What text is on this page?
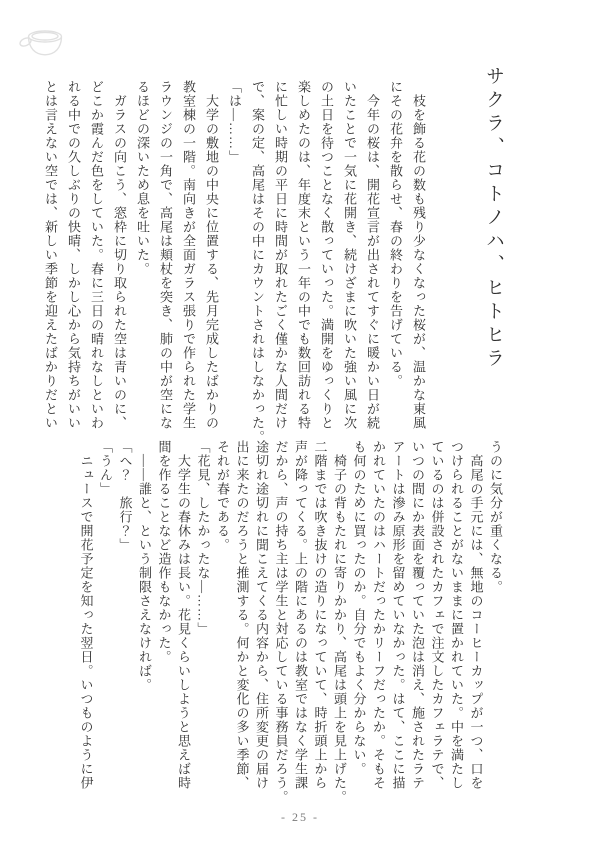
サクラ、コトノハ、ヒトヒラ

　枝を飾る花の数も残り少なくなった桜が、温かな東風

にその花弁を散らせ、春の終わりを告げている。

　今年の桜は、開花宣言が出されてすぐに暖かい日が続

いたことで一気に花開き、続けざまに吹いた強い風に次

の土日を待つことなく散っていった。満開をゆっくりと

楽しめたのは、年度末という一年の中でも数回訪れる特

に忙しい時期の平日に時間が取れたごく僅かな人間だけ

で、案の定、高尾はその中にカウントされはしなかった。

「は―……」

　大学の敷地の中央に位置する、先月完成したばかりの

教室棟の一階。南向きが全面ガラス張りで作られた学生

ラウンジの一角で、高尾は頬杖を突き、肺の中が空にな

るほどの深いため息を吐いた。

　ガラスの向こう、窓枠に切り取られた空は青いのに、

どこか霞んだ色をしていた。春に三日の晴れなしといわ

れる中での久しぶりの快晴、しかし心から気持ちがいい

とは言えない空では、新しい季節を迎えたばかりだとい

うのに気分が重くなる。

　高尾の手元には、無地のコーヒーカップが一つ、口を

つけられることがないままに置かれていた。中を満たし

ているのは併設されたカフェで注文したカフェラテで、

いつの間にか表面を覆っていた泡は消え、施されたラテ

アートは滲み原形を留めていなかった。はて、ここに描

かれていたのはハートだったかリーフだったか。そもそ

も何のために買ったのか。自分でもよく分からない。

　椅子の背もたれに寄りかかり、高尾は頭上を見上げた。

二階までは吹き抜けの造りになっていて、時折頭上から

声が降ってくる。上の階にあるのは教室ではなく学生課

だから、声の持ち主は学生と対応している事務員だろう。

途切れ途切れに聞こえてくる内容から、住所変更の届け

出に来たのだろうと推測する。何かと変化の多い季節、

それが春である。

「花見、したかったな―……」

　大学生の春休みは長い。花見くらいしようと思えば時

間を作ることなど造作もなかった。

　――誰と、という制限さえなければ。

「へ？　旅行？」

「うん」

　ニュースで開花予定を知った翌日。いつものように伊

- 25 -
